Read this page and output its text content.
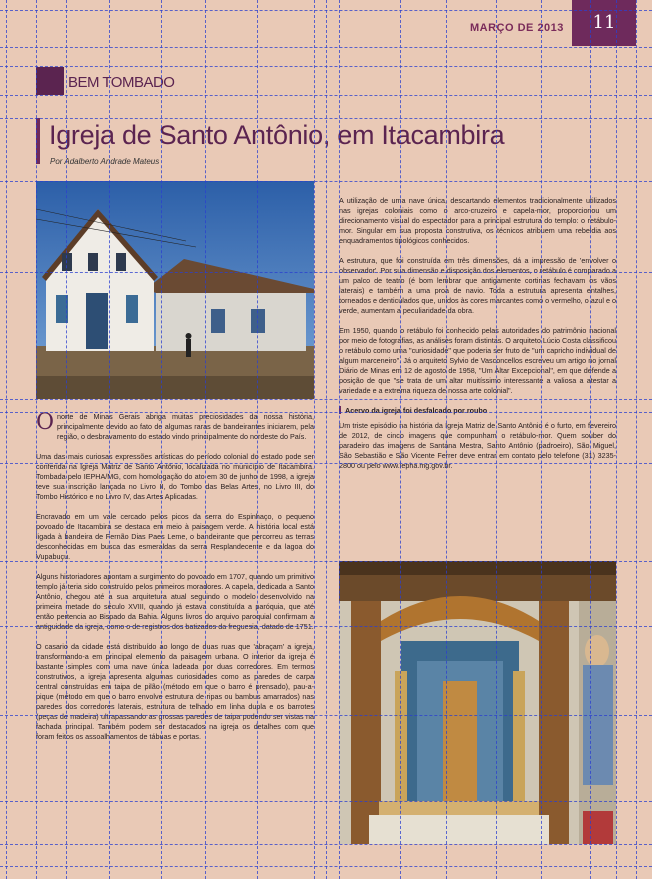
MARÇO DE 2013	11
BEM TOMBADO
Igreja de Santo Antônio, em Itacambira
Por Adalberto Andrade Mateus

Onorte de Minas Gerais abriga muitas preciosidades da nossa história, principalmente devido ao fato de algumas raras de bandeirantes iniciarem, pela região, o desbravamento do estado vindo principalmente do nordeste do País.

Uma das mais curiosas expressões artísticas do período colonial do estado pode ser conferida na Igreja Matriz de Santo Antônio, localizada no município de Itacambira. Tombada pelo IEPHA/MG, com homologação do ato em 30 de junho de 1998, a igreja teve sua inscrição lançada no Livro II, do Tombo das Belas Artes, no Livro III, do Tombo Histórico e no Livro IV, das Artes Aplicadas.

Encravado em um vale cercado pelos picos da serra do Espinhaço, o pequeno povoado de Itacambira se destaca em meio à paisagem verde. A história local está ligada à bandeira de Fernão Dias Paes Leme, o bandeirante que percorreu as terras desconhecidas em busca das esmeraldas da serra Resplandecente e da lagoa do Vupabuçu.

Alguns historiadores apontam a surgimento do povoado em 1707, quando um primitivo templo já teria sido construído pelos primeiros moradores. A capela, dedicada a Santo Antônio, chegou até a sua arquitetura atual seguindo o modelo desenvolvido na primeira metade do século XVIII, quando já estava constituída a paróquia, que até então pertencia ao Bispado da Bahia. Alguns livros do arquivo paroquial confirmam a antiguidade da igreja, como o de registros dos batizados da freguesia, datado de 1751.

O casario da cidade está distribuído ao longo de duas ruas que 'abraçam' a igreja, transformando-a em principal elemento da paisagem urbana. O interior da igreja é bastante simples com uma nave única ladeada por duas corredores. Em termos construtivos, a igreja apresenta algumas curiosidades como as paredes de carpa central construídas em taipa de pilão (método em que o barro é prensado), pau-a-pique (método em que o barro envolve estrutura de ripas ou bambus amarrados) nas paredes dos corredores laterais, estrutura de telhado em linha dupla e os barrotes (peças de madeira) ultrapassando as grossas paredes de taipa podendo ser vistas na fachada principal. Também podem ser destacados na igreja os detalhes com que foram feitos os assoalhamentos de tábuas e portas.

A utilização de uma nave única, descartando elementos tradicionalmente utilizados nas igrejas coloniais como o arco-cruzeiro e capela-mor, proporcionou um direcionamento visual do espectador para a principal estrutura do templo: o retábulo-mor. Singular em sua proposta construtiva, os técnicos atribuem uma rebeldia aos enquadramentos tipológicos conhecidos.

A estrutura, que foi construída em três dimensões, dá a impressão de 'envolver o observador'. Por sua dimensão e disposição dos elementos, o retábulo é comparado a um palco de teatro (é bom lembrar que antigamente cortinas fechavam os vãos laterais) e também a uma proa de navio. Toda a estrutura apresenta entalhes, torneados e denticulados que, unidos às cores marcantes como o vermelho, o azul e o verde, aumentam a peculiaridade da obra.

Em 1950, quando o retábulo foi conhecido pelas autoridades do patrimônio nacional por meio de fotografias, as análises foram distintas. O arquiteto Lúcio Costa classificou o retábulo como uma "curiosidade" que poderia ser fruto de "um capricho individual de algum marceneiro". Já o arquiteto Sylvio de Vasconcellos escreveu um artigo no jornal Diário de Minas em 12 de agosto de 1958, "Um Altar Excepcional", em que defende a posição de que "se trata de um altar muitíssimo interessante a valiosa a atestar a variedade e a extrema riqueza de nossa arte colonial".

Acervo da igreja foi desfalcado por roubo

Um triste episódio na história da Igreja Matriz de Santo Antônio é o furto, em fevereiro de 2012, de cinco imagens que compunham o retábulo-mor. Quem souber do paradeiro das imagens de Santana Mestra, Santo Antônio (padroeiro), São Miguel, São Sebastião e São Vicente Ferrer deve entrar em contato pelo telefone (31) 3235-2800 ou pelo www.iepha.mg.gov.br.
